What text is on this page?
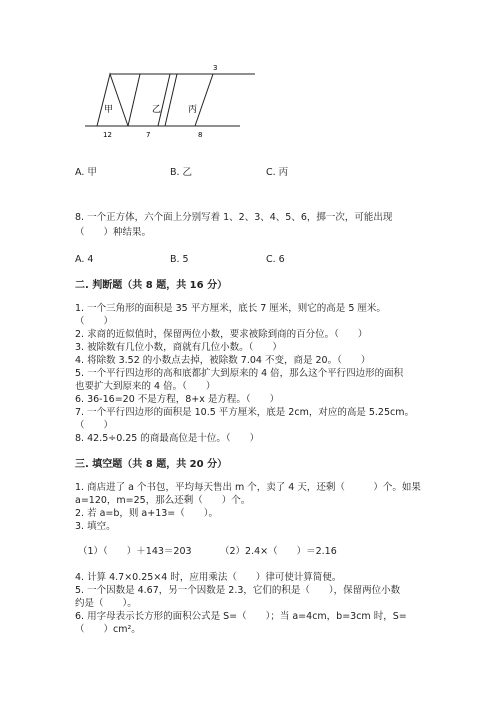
甲	乙	丙
3
12	7	8
A. 甲	B. 乙	C. 丙
8. 一个正方体，六个面上分别写着 1、2、3、4、5、6，掷一次，可能出现
（　　）种结果。
A. 4	B. 5	C. 6
二. 判断题（共 8 题，共 16 分）
1. 一个三角形的面积是 35 平方厘米，底长 7 厘米，则它的高是 5 厘米。
（　　）
2. 求商的近似值时，保留两位小数，要求被除到商的百分位。（　　）
3. 被除数有几位小数，商就有几位小数。（　　）
4. 将除数 3.52 的小数点去掉，被除数 7.04 不变，商是 20。（　　）
5. 一个平行四边形的高和底都扩大到原来的 4 倍，那么这个平行四边形的面积
也要扩大到原来的 4 倍。（　　）
6. 36-16=20 不是方程，8+x 是方程。（　　）
7. 一个平行四边形的面积是 10.5 平方厘米，底是 2cm，对应的高是 5.25cm。
（　　）
8. 42.5÷0.25 的商最高位是十位。（　　）
三. 填空题（共 8 题，共 20 分）
1. 商店进了 a 个书包，平均每天售出 m 个，卖了 4 天，还剩（　　　）个。如果
a=120，m=25，那么还剩（　　）个。
2. 若 a=b，则 a+13=（　　）。
3. 填空。
（1）（　　）＋143＝203	（2）2.4×（　　）＝2.16
4. 计算 4.7×0.25×4 时，应用乘法（　　）律可使计算简便。
5. 一个因数是 4.67，另一个因数是 2.3，它们的积是（　　），保留两位小数
约是（　　）。
6. 用字母表示长方形的面积公式是 S=（　　）；当 a=4cm，b=3cm 时，S=
（　　）cm²。
